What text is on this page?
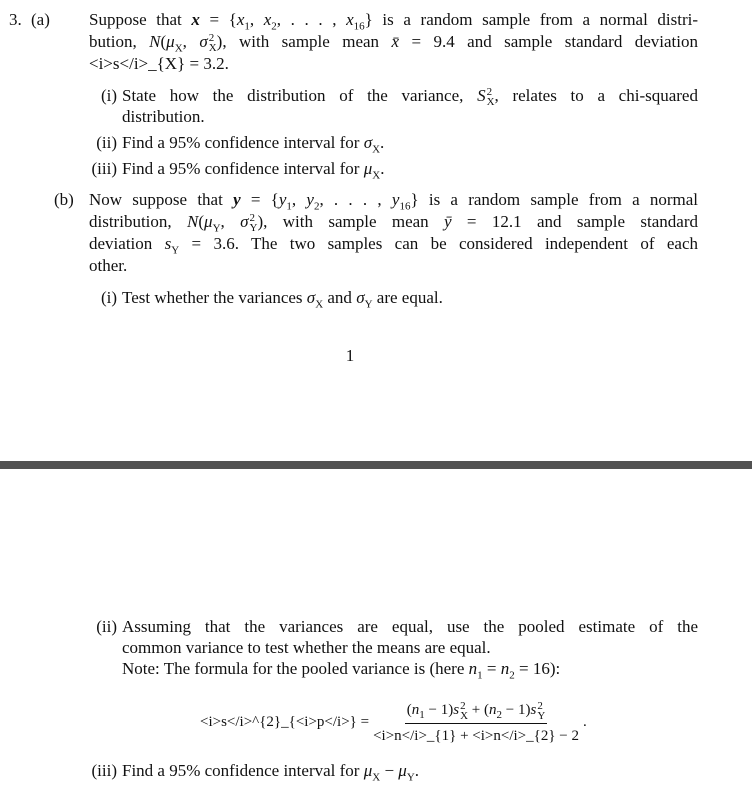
3. (a) Suppose that $x = \{x_1$, $x_2$, . . . , $x_{16}$} is a random sample from a normal distri-
bution, $N(\mu_X$, σ 2
X ), with sample mean x̄ = 9.4 and sample standard deviation
<i>s</i>_{X} = 3.2.
(i) State how the distribution of the variance, S 2
X , relates to a chi-squared
distribution.
(ii) Find a 95% confidence interval for $\sigma_X$.
(iii) Find a 95% confidence interval for $\mu_X$.
(b) Now suppose that $y = \{y_1$, $y_2$, . . . , $y_{16}$} is a random sample from a normal
distribution, $N(\mu_Y$, σ 2
Y ), with sample mean ȳ = 12.1 and sample standard
deviation $s_Y = 3.6$. The two samples can be considered independent of each
other.
(i) Test whether the variances $\sigma_X$ and $\sigma_Y$ are equal.
1
(ii) Assuming that the variances are equal, use the pooled estimate of the
common variance to test whether the means are equal.
Note: The formula for the pooled variance is (here $n_1 = n_2 = 16$):
<i>s</i>^{2}_{<i>p</i>} = $(n_1 - 1)s$ 2
$X + (n_2 - 1)s$ 2
Y
<i>n</i>_{1} + <i>n</i>_{2} − 2 .
(iii) Find a 95% confidence interval for $\mu_X - \mu_Y$.
